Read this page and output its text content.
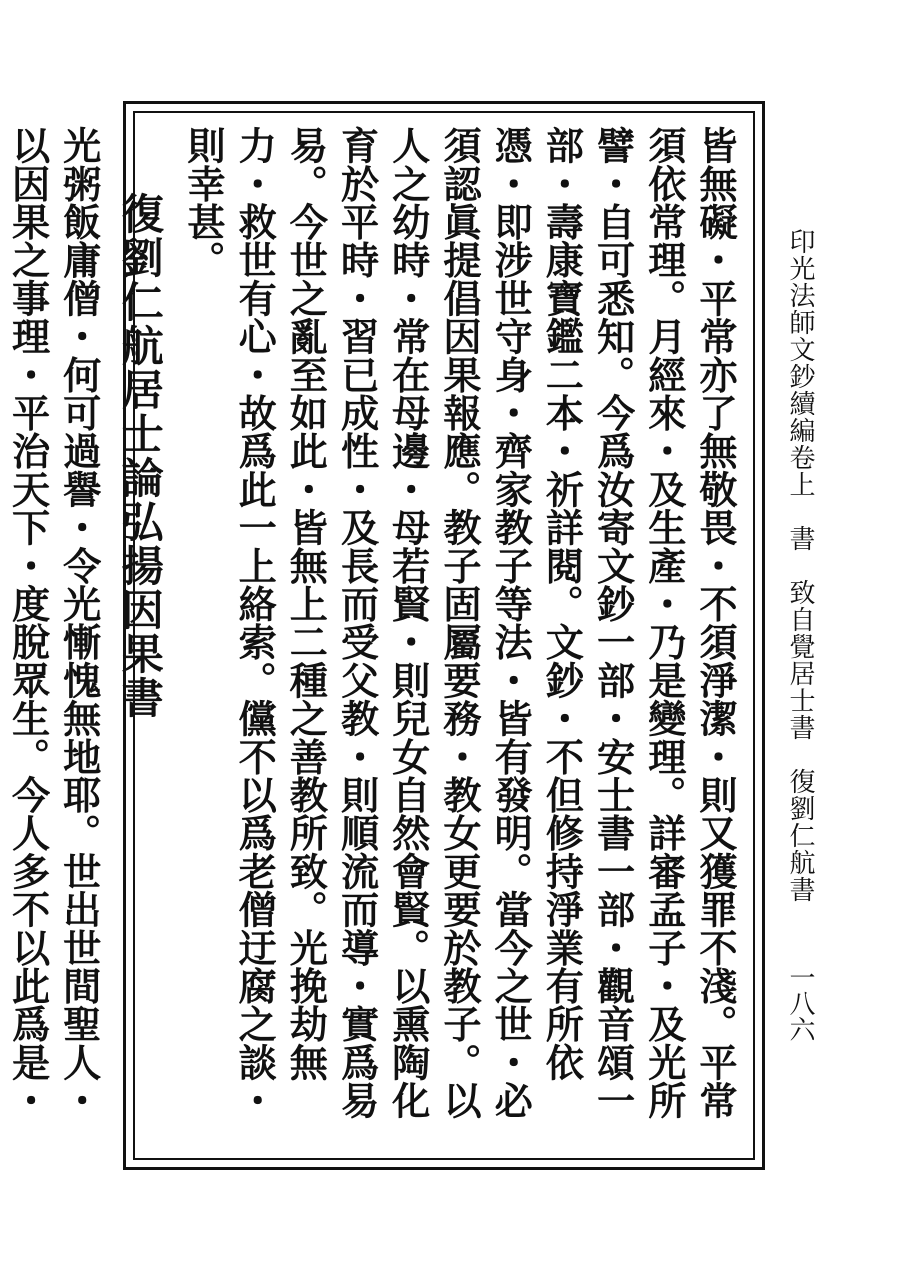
印光法師文鈔續編卷上　書　致自覺居士書　復劉仁航書
一八六

皆無礙・平常亦了無敬畏・不須淨潔・則又獲罪不淺。平常須依常理。月經來・及生產・乃是變理。詳審孟子・及光所譬・自可悉知。今爲汝寄文鈔一部・安士書一部・觀音頌一部・壽康寶鑑二本・祈詳閱。文鈔・不但修持淨業有所依憑・即涉世守身・齊家教子等法・皆有發明。當今之世・必須認眞提倡因果報應。教子固屬要務・教女更要於教子。以人之幼時・常在母邊・母若賢・則兒女自然會賢。以熏陶化育於平時・習已成性・及長而受父教・則順流而導・實爲易易。今世之亂至如此・皆無上二種之善教所致。光挽劫無力・救世有心・故爲此一上絡索。儻不以爲老僧迂腐之談・則幸甚。

復劉仁航居士論弘揚因果書

光粥飯庸僧・何可過譽・令光慚愧無地耶。世出世間聖人・以因果之事理・平治天下・度脫眾生。今人多不以此爲是・
